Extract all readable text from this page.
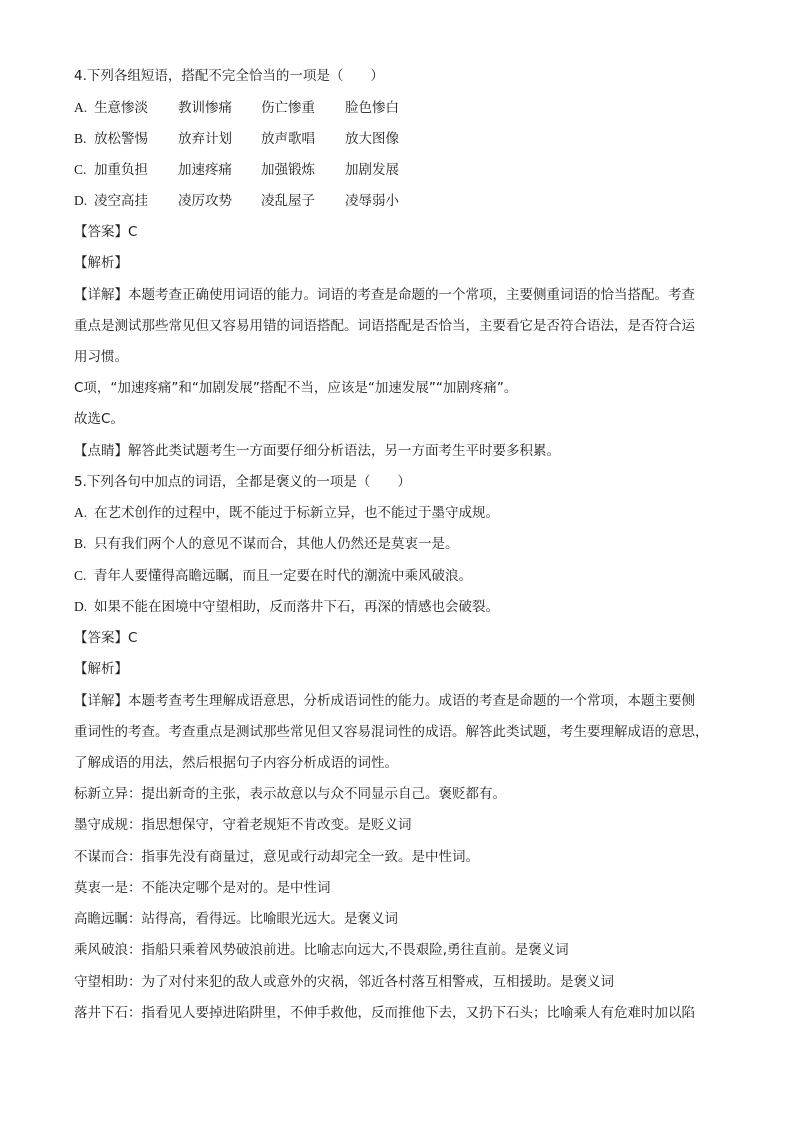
4.下列各组短语，搭配不完全恰当的一项是（　　）
A. 生意惨淡 教训惨痛 伤亡惨重 脸色惨白
B. 放松警惕 放弃计划 放声歌唱 放大图像
C. 加重负担 加速疼痛 加强锻炼 加剧发展
D. 凌空高挂 凌厉攻势 凌乱屋子 凌辱弱小
【答案】C
【解析】
【详解】本题考查正确使用词语的能力。词语的考查是命题的一个常项，主要侧重词语的恰当搭配。考查
重点是测试那些常见但又容易用错的词语搭配。词语搭配是否恰当，主要看它是否符合语法，是否符合运
用习惯。
C项，“加速疼痛”和“加剧发展”搭配不当，应该是“加速发展”“加剧疼痛”。
故选C。
【点睛】解答此类试题考生一方面要仔细分析语法，另一方面考生平时要多积累。
5.下列各句中加点的词语，全都是褒义的一项是（　　）
A. 在艺术创作的过程中，既不能过于标新立异，也不能过于墨守成规。
B. 只有我们两个人的意见不谋而合，其他人仍然还是莫衷一是。
C. 青年人要懂得高瞻远瞩，而且一定要在时代的潮流中乘风破浪。
D. 如果不能在困境中守望相助，反而落井下石，再深的情感也会破裂。
【答案】C
【解析】
【详解】本题考查考生理解成语意思，分析成语词性的能力。成语的考查是命题的一个常项，本题主要侧
重词性的考查。考查重点是测试那些常见但又容易混词性的成语。解答此类试题，考生要理解成语的意思，
了解成语的用法，然后根据句子内容分析成语的词性。
标新立异：提出新奇的主张，表示故意以与众不同显示自己。褒贬都有。
墨守成规：指思想保守，守着老规矩不肯改变。是贬义词
不谋而合：指事先没有商量过，意见或行动却完全一致。是中性词。
莫衷一是：不能决定哪个是对的。是中性词
高瞻远瞩：站得高，看得远。比喻眼光远大。是褒义词
乘风破浪：指船只乘着风势破浪前进。比喻志向远大,不畏艰险,勇往直前。是褒义词
守望相助：为了对付来犯的敌人或意外的灾祸，邻近各村落互相警戒，互相援助。是褒义词
落井下石：指看见人要掉进陷阱里，不伸手救他，反而推他下去，又扔下石头；比喻乘人有危难时加以陷
